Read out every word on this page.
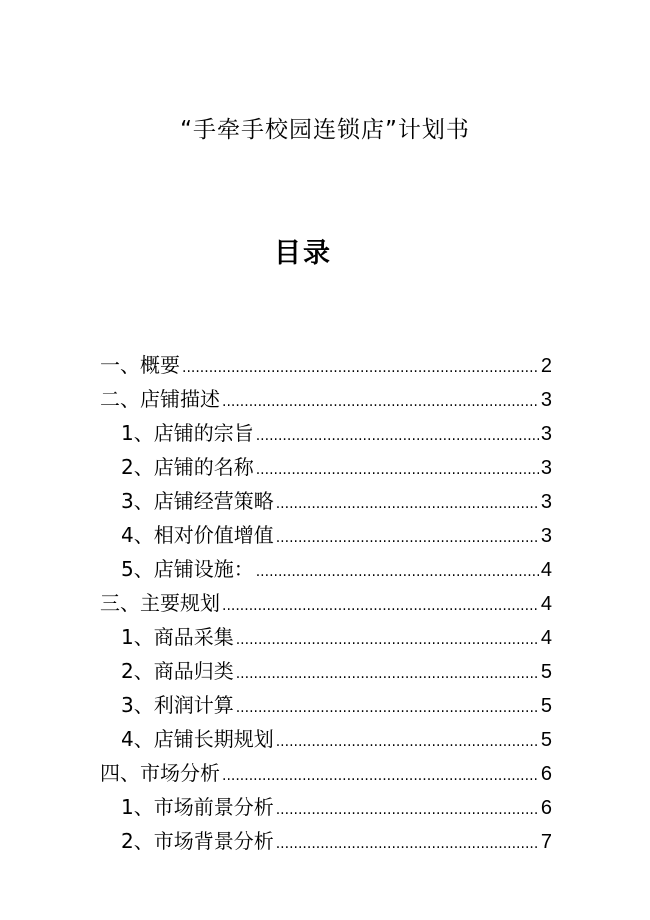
“手牵手校园连锁店”计划书
目录
一、概要 .....	2
二、店铺描述 .....	3
1、店铺的宗旨 .....	3
2、店铺的名称 .....	3
3、店铺经营策略 .....	3
4、相对价值增值 .....	3
5、店铺设施： .....	4
三、主要规划 .....	4
1、商品采集 .....	4
2、商品归类 .....	5
3、利润计算 .....	5
4、店铺长期规划 .....	5
四、市场分析 .....	6
1、市场前景分析 .....	6
2、市场背景分析 .....	7
